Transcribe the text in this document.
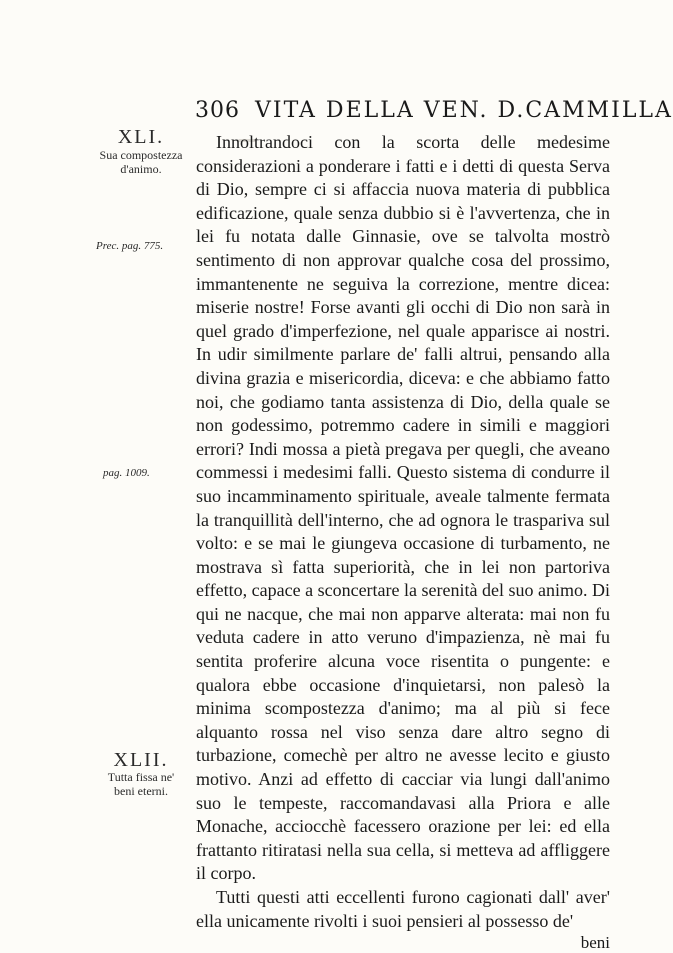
306 VITA DELLA VEN. D.CAMMILLA
XLI.
Sua compostezza d'animo.
Prec. pag. 775.
pag. 1009.
XLII.
Tutta fissa ne' beni eterni.

Innoltrandoci con la scorta delle medesime considerazioni a ponderare i fatti e i detti di questa Serva di Dio, sempre ci si affaccia nuova materia di pubblica edificazione, quale senza dubbio si è l'avvertenza, che in lei fu notata dalle Ginnasie, ove se talvolta mostrò sentimento di non approvar qualche cosa del prossimo, immantenente ne seguiva la correzione, mentre dicea: miserie nostre! Forse avanti gli occhi di Dio non sarà in quel grado d'imperfezione, nel quale apparisce ai nostri. In udir similmente parlare de' falli altrui, pensando alla divina grazia e misericordia, diceva: e che abbiamo fatto noi, che godiamo tanta assistenza di Dio, della quale se non godessimo, potremmo cadere in simili e maggiori errori? Indi mossa a pietà pregava per quegli, che aveano commessi i medesimi falli. Questo sistema di condurre il suo incamminamento spirituale, aveale talmente fermata la tranquillità dell'interno, che ad ognora le traspariva sul volto: e se mai le giungeva occasione di turbamento, ne mostrava sì fatta superiorità, che in lei non partoriva effetto, capace a sconcertare la serenità del suo animo. Di qui ne nacque, che mai non apparve alterata: mai non fu veduta cadere in atto veruno d'impazienza, nè mai fu sentita proferire alcuna voce risentita o pungente: e qualora ebbe occasione d'inquietarsi, non palesò la minima scompostezza d'animo; ma al più si fece alquanto rossa nel viso senza dare altro segno di turbazione, comechè per altro ne avesse lecito e giusto motivo. Anzi ad effetto di cacciar via lungi dall'animo suo le tempeste, raccomandavasi alla Priora e alle Monache, acciocchè facessero orazione per lei: ed ella frattanto ritiratasi nella sua cella, si metteva ad affliggere il corpo.

Tutti questi atti eccellenti furono cagionati dall' aver' ella unicamente rivolti i suoi pensieri al possesso de'

beni
